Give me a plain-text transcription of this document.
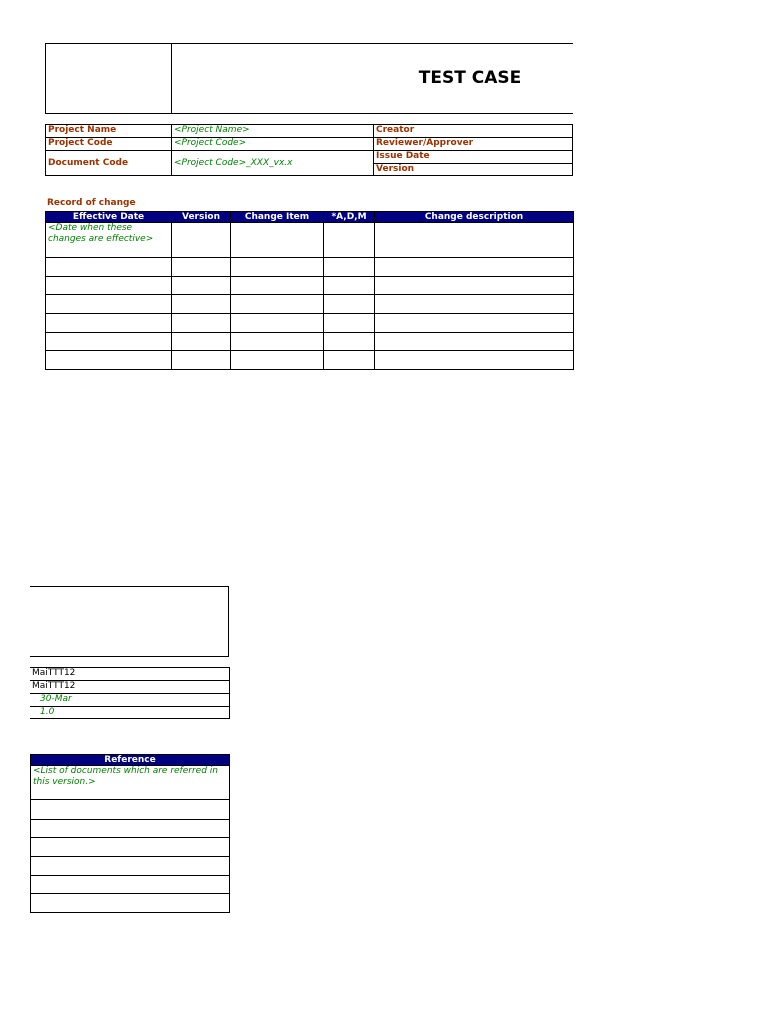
TEST CASE
Project Name	<Project Name>	Creator
Project Code	<Project Code>	Reviewer/Approver
Document Code	<Project Code>_XXX_vx.x	Issue Date
		Version
Record of change
Effective Date	Version	Change Item	*A,D,M	Change description
<Date when these changes are effective>				

MaiTTT12
MaiTTT12
30-Mar
1.0
Reference
<List of documents which are referred in this version.>
